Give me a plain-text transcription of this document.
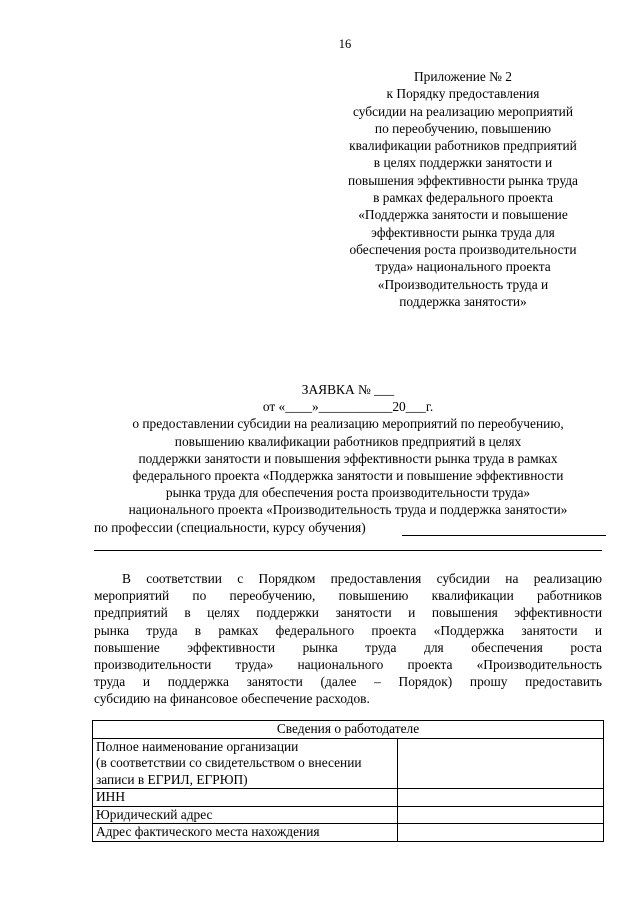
16
Приложение № 2
к Порядку предоставления
субсидии на реализацию мероприятий
по переобучению, повышению
квалификации работников предприятий
в целях поддержки занятости и
повышения эффективности рынка труда
в рамках федерального проекта
«Поддержка занятости и повышение
эффективности рынка труда для
обеспечения роста производительности
труда» национального проекта
«Производительность труда и
поддержка занятости»
ЗАЯВКА № ___
от «____»___________20___г.
о предоставлении субсидии на реализацию мероприятий по переобучению,
повышению квалификации работников предприятий в целях
поддержки занятости и повышения эффективности рынка труда в рамках
федерального проекта «Поддержка занятости и повышение эффективности
рынка труда для обеспечения роста производительности труда»
национального проекта «Производительность труда и поддержка занятости»
по профессии (специальности, курсу обучения)
В соответствии с Порядком предоставления субсидии на реализацию
мероприятий по переобучению, повышению квалификации работников
предприятий в целях поддержки занятости и повышения эффективности
рынка труда в рамках федерального проекта «Поддержка занятости и
повышение эффективности рынка труда для обеспечения роста
производительности труда» национального проекта «Производительность
труда и поддержка занятости (далее – Порядок) прошу предоставить
субсидию на финансовое обеспечение расходов.
Сведения о работодателе	

Полное наименование организации
(в соответствии со свидетельством о внесении
записи в ЕГРИЛ, ЕГРЮП)	

ИНН	
Юридический адрес	
Адрес фактического места нахождения	
